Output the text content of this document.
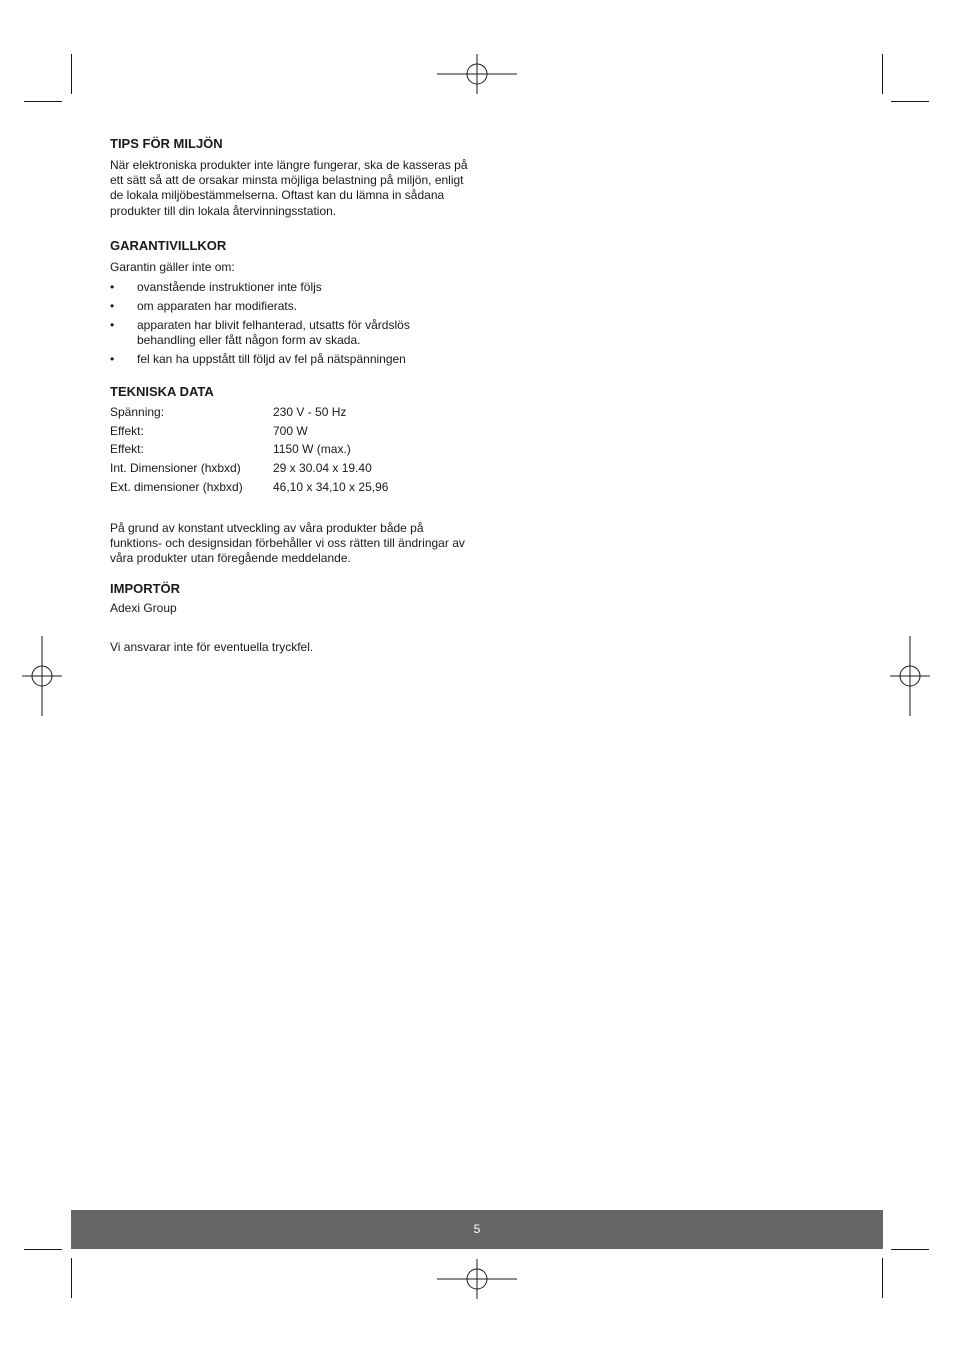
TIPS FÖR MILJÖN

När elektroniska produkter inte längre fungerar, ska de kasseras på ett sätt så att de orsakar minsta möjliga belastning på miljön, enligt de lokala miljöbestämmelserna. Oftast kan du lämna in sådana produkter till din lokala återvinningsstation.

GARANTIVILLKOR

Garantin gäller inte om:

• ovanstående instruktioner inte följs
• om apparaten har modifierats.
• apparaten har blivit felhanterad, utsatts för vårdslös behandling eller fått någon form av skada.
• fel kan ha uppstått till följd av fel på nätspänningen
TEKNISKA DATA
Spänning:	230 V - 50 Hz
Effekt:	700 W
Effekt:	1150 W (max.)
Int. Dimensioner (hxbxd)	29 x 30.04 x 19.40
Ext. dimensioner (hxbxd)	46,10 x 34,10 x 25,96

På grund av konstant utveckling av våra produkter både på funktions- och designsidan förbehåller vi oss rätten till ändringar av våra produkter utan föregående meddelande.

IMPORTÖR

Adexi Group

Vi ansvarar inte för eventuella tryckfel.

5
